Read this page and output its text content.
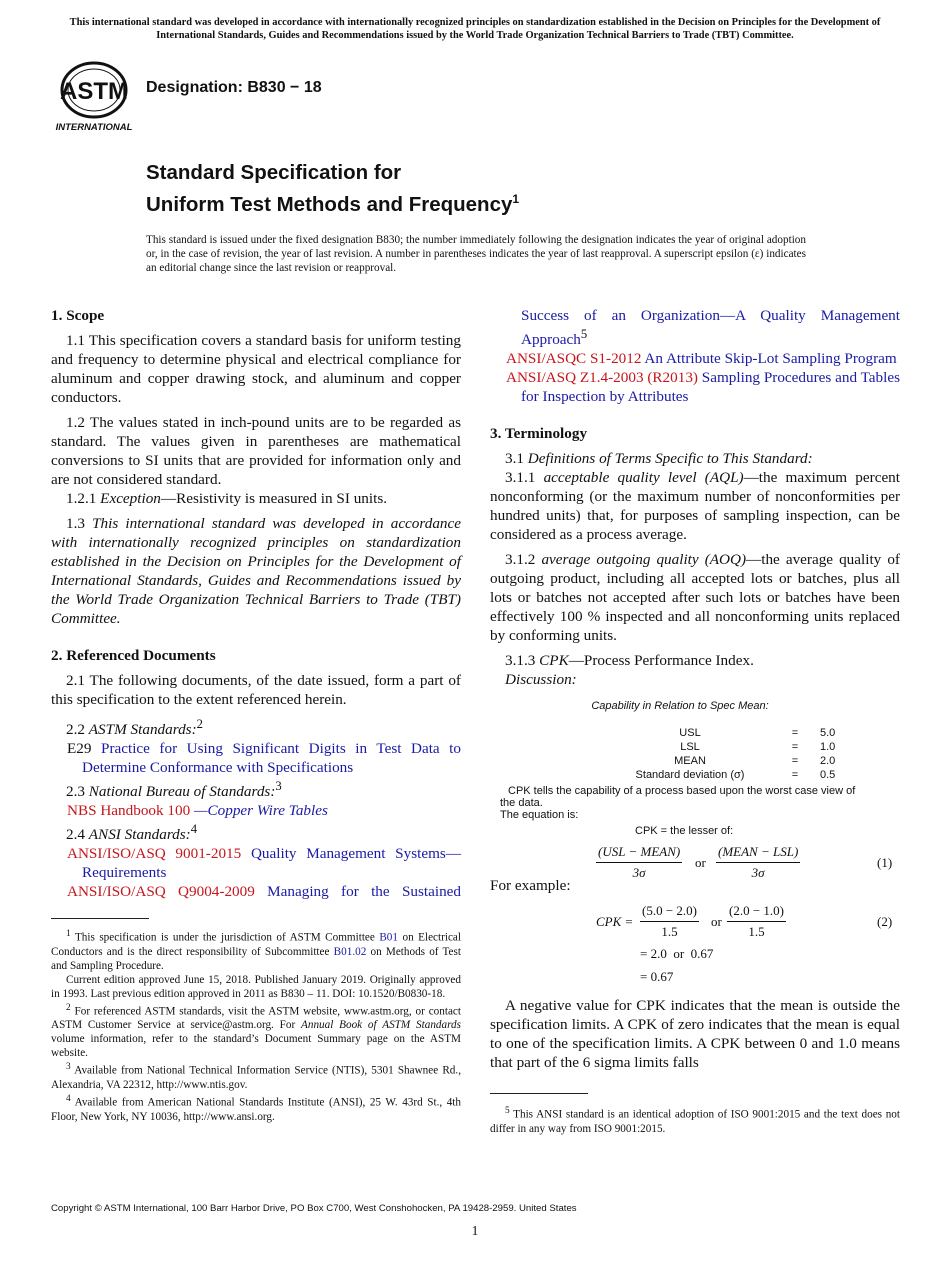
This international standard was developed in accordance with internationally recognized principles on standardization established in the Decision on Principles for the Development of International Standards, Guides and Recommendations issued by the World Trade Organization Technical Barriers to Trade (TBT) Committee.
ASTM
INTERNATIONAL
Designation: B830 − 18
Standard Specification for
Uniform Test Methods and Frequency$^1$
This standard is issued under the fixed designation B830; the number immediately following the designation indicates the year of original adoption or, in the case of revision, the year of last revision. A number in parentheses indicates the year of last reapproval. A superscript epsilon (ε) indicates an editorial change since the last revision or reapproval.
1. Scope

1.1 This specification covers a standard basis for uniform testing and frequency to determine physical and electrical compliance for aluminum and copper drawing stock, and aluminum and copper conductors.

1.2 The values stated in inch-pound units are to be regarded as standard. The values given in parentheses are mathematical conversions to SI units that are provided for information only and are not considered standard.

1.2.1 Exception—Resistivity is measured in SI units.

1.3 This international standard was developed in accordance with internationally recognized principles on standardization established in the Decision on Principles for the Development of International Standards, Guides and Recommendations issued by the World Trade Organization Technical Barriers to Trade (TBT) Committee.

2. Referenced Documents

2.1 The following documents, of the date issued, form a part of this specification to the extent referenced herein.

2.2 ASTM Standards:$^2$

E29 Practice for Using Significant Digits in Test Data to Determine Conformance with Specifications

2.3 National Bureau of Standards:$^3$

NBS Handbook 100 —Copper Wire Tables

2.4 ANSI Standards:$^4$

ANSI/ISO/ASQ 9001-2015 Quality Management Systems—Requirements

ANSI/ISO/ASQ Q9004-2009 Managing for the Sustained

$^1$ This specification is under the jurisdiction of ASTM Committee B01 on Electrical Conductors and is the direct responsibility of Subcommittee B01.02 on Methods of Test and Sampling Procedure.

Current edition approved June 15, 2018. Published January 2019. Originally approved in 1993. Last previous edition approved in 2011 as B830 – 11. DOI: 10.1520/B0830-18.

$^2$ For referenced ASTM standards, visit the ASTM website, www.astm.org, or contact ASTM Customer Service at service@astm.org. For Annual Book of ASTM Standards volume information, refer to the standard’s Document Summary page on the ASTM website.

$^3$ Available from National Technical Information Service (NTIS), 5301 Shawnee Rd., Alexandria, VA 22312, http://www.ntis.gov.

$^4$ Available from American National Standards Institute (ANSI), 25 W. 43rd St., 4th Floor, New York, NY 10036, http://www.ansi.org.

Success of an Organization—A Quality Management Approach$^5$

ANSI/ASQC S1-2012 An Attribute Skip-Lot Sampling Program

ANSI/ASQ Z1.4-2003 (R2013) Sampling Procedures and Tables for Inspection by Attributes

3. Terminology

3.1 Definitions of Terms Specific to This Standard:

3.1.1 acceptable quality level (AQL)—the maximum percent nonconforming (or the maximum number of nonconformities per hundred units) that, for purposes of sampling inspection, can be considered as a process average.

3.1.2 average outgoing quality (AOQ)—the average quality of outgoing product, including all accepted lots or batches, plus all lots or batches not accepted after such lots or batches have been effectively 100 % inspected and all nonconforming units replaced by conforming units.

3.1.3 CPK—Process Performance Index.

Discussion:

Capability in Relation to Spec Mean:
USL	=	5.0
LSL	=	1.0
MEAN	=	2.0
Standard deviation (σ)	=	0.5
CPK tells the capability of a process based upon the worst case view of the data.
The equation is:
CPK = the lesser of:
(USL − MEAN)
3σ
or
(MEAN − LSL)
3σ
(1)
For example:
CPK = $\frac{(5.0 - 2.0)}{1.5}$ or $\frac{(2.0 - 1.0)}{1.5}$	(2)
= 2.0  or  0.67
= 0.67

A negative value for CPK indicates that the mean is outside the specification limits. A CPK of zero indicates that the mean is equal to one of the specification limits. A CPK between 0 and 1.0 means that part of the 6 sigma limits falls

$^5$ This ANSI standard is an identical adoption of ISO 9001:2015 and the text does not differ in any way from ISO 9001:2015.

Copyright © ASTM International, 100 Barr Harbor Drive, PO Box C700, West Conshohocken, PA 19428-2959. United States
1
